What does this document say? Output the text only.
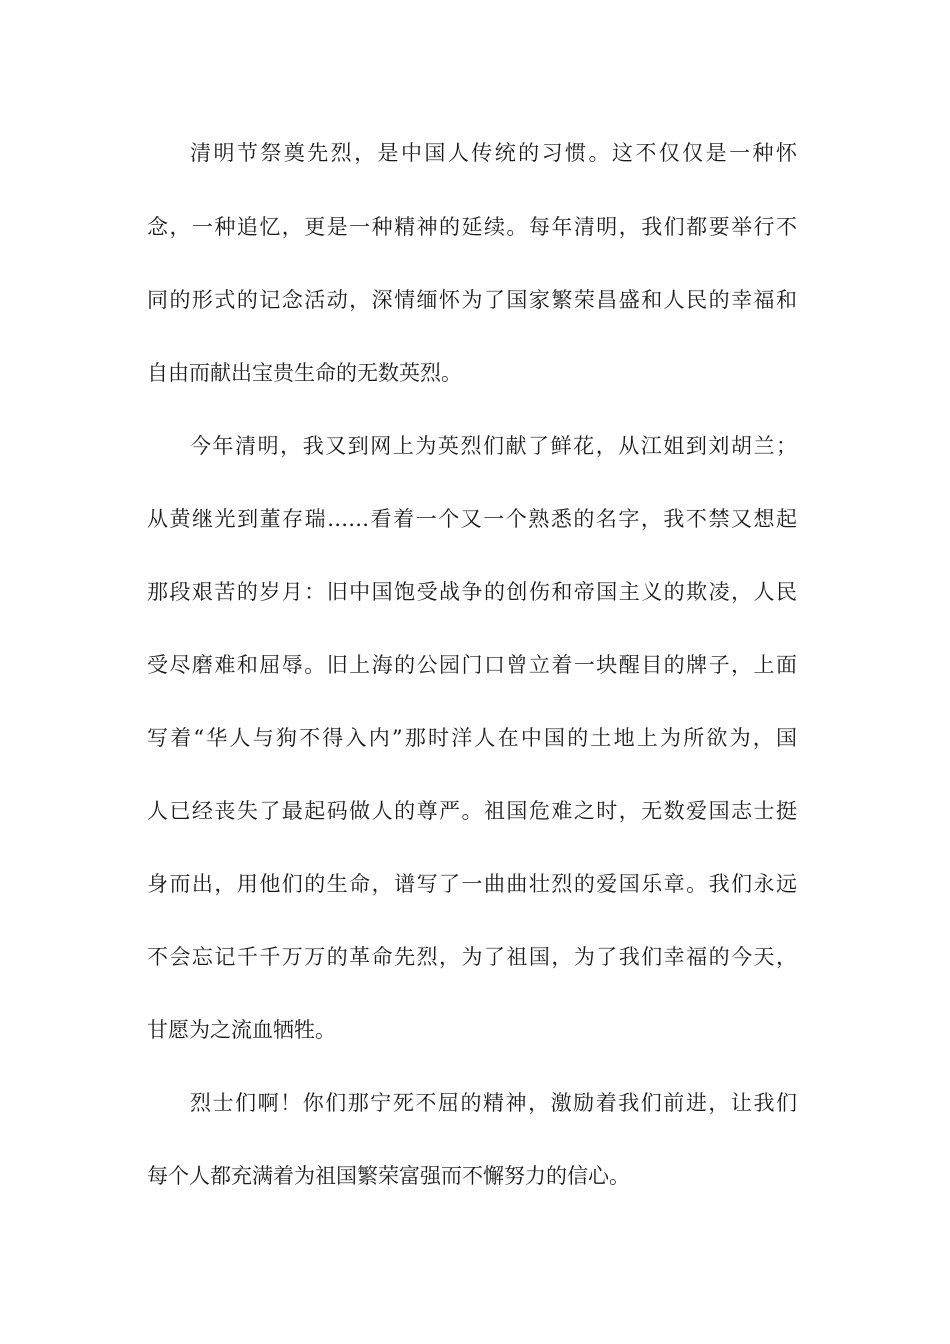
清明节祭奠先烈，是中国人传统的习惯。这不仅仅是一种怀
念，一种追忆，更是一种精神的延续。每年清明，我们都要举行不
同的形式的记念活动，深情缅怀为了国家繁荣昌盛和人民的幸福和
自由而献出宝贵生命的无数英烈。
今年清明，我又到网上为英烈们献了鲜花，从江姐到刘胡兰；
从黄继光到董存瑞……看着一个又一个熟悉的名字，我不禁又想起
那段艰苦的岁月：旧中国饱受战争的创伤和帝国主义的欺凌，人民
受尽磨难和屈辱。旧上海的公园门口曾立着一块醒目的牌子，上面
写着“华人与狗不得入内”那时洋人在中国的土地上为所欲为，国
人已经丧失了最起码做人的尊严。祖国危难之时，无数爱国志士挺
身而出，用他们的生命，谱写了一曲曲壮烈的爱国乐章。我们永远
不会忘记千千万万的革命先烈，为了祖国，为了我们幸福的今天，
甘愿为之流血牺牲。
烈士们啊！你们那宁死不屈的精神，激励着我们前进，让我们
每个人都充满着为祖国繁荣富强而不懈努力的信心。
